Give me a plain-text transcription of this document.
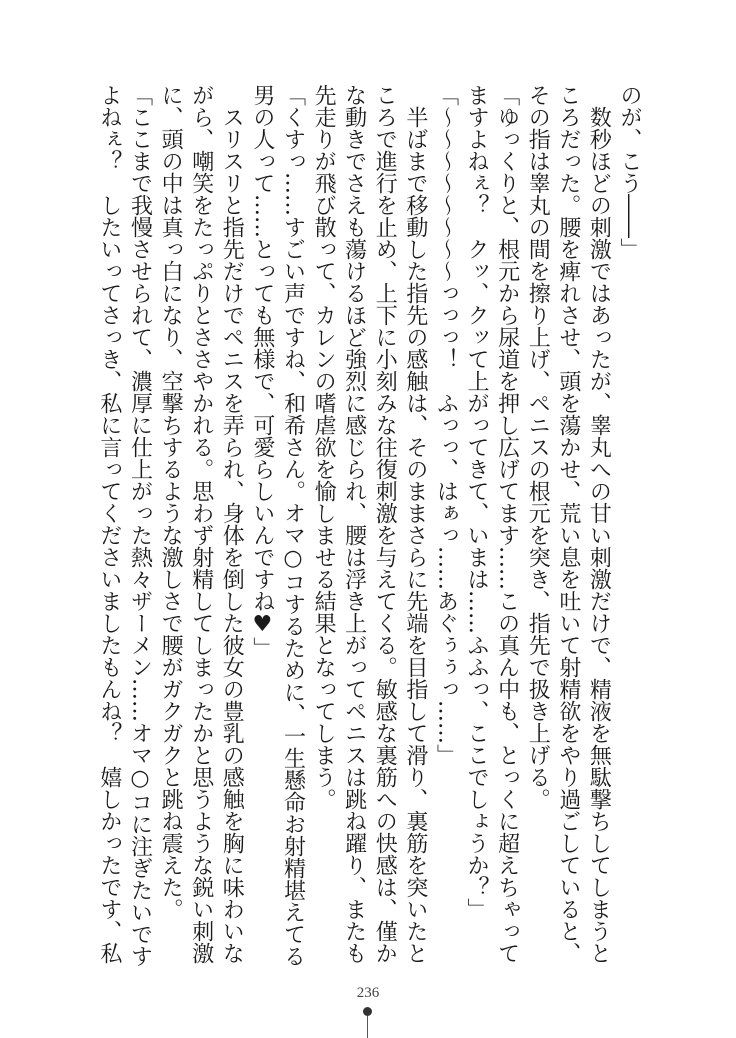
のが、こう――」

　数秒ほどの刺激ではあったが、睾丸への甘い刺激だけで、精液を無駄撃ちしてしまうと

ころだった。腰を痺れさせ、頭を蕩かせ、荒い息を吐いて射精欲をやり過ごしていると、

その指は睾丸の間を擦り上げ、ペニスの根元を突き、指先で扱き上げる。

「ゆっくりと、根元から尿道を押し広げてます……この真ん中も、とっくに超えちゃって

ますよねぇ？　クッ、クッて上がってきて、いまは……ふふっ、ここでしょうか？」

「～～～～～～～～っっっ！　ふっっ、はぁっ……あぐぅぅっ……」

　半ばまで移動した指先の感触は、そのままさらに先端を目指して滑り、裏筋を突いたと

ころで進行を止め、上下に小刻みな往復刺激を与えてくる。敏感な裏筋への快感は、僅か

な動きでさえも蕩けるほど強烈に感じられ、腰は浮き上がってペニスは跳ね躍り、またも

先走りが飛び散って、カレンの嗜虐欲を愉しませる結果となってしまう。

「くすっ……すごい声ですね、和希さん。オマ○コするために、一生懸命お射精堪えてる

男の人って……とっても無様で、可愛らしいんですね♥」

　スリスリと指先だけでペニスを弄られ、身体を倒した彼女の豊乳の感触を胸に味わいな

がら、嘲笑をたっぷりとささやかれる。思わず射精してしまったかと思うような鋭い刺激

に、頭の中は真っ白になり、空撃ちするような激しさで腰がガクガクと跳ね震えた。

「ここまで我慢させられて、濃厚に仕上がった熱々ザーメン……オマ○コに注ぎたいです

よねぇ？　したいってさっき、私に言ってくださいましたもんね？　嬉しかったです、私

236
